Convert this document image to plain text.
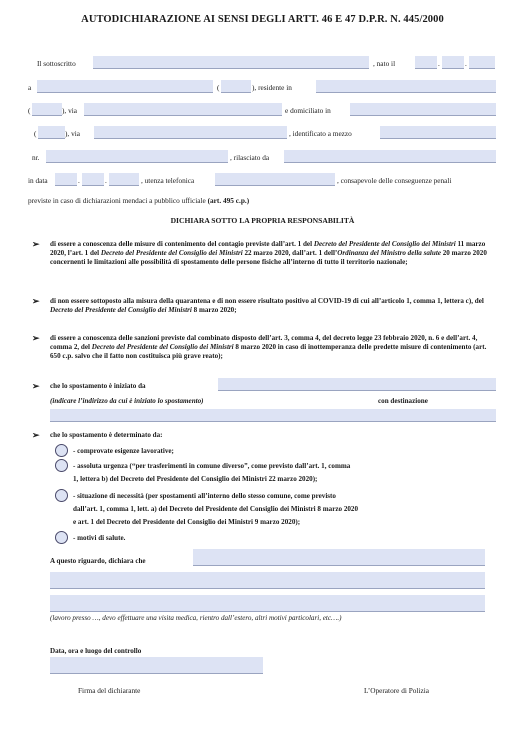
AUTODICHIARAZIONE AI SENSI DEGLI ARTT. 46 E 47 D.P.R. N. 445/2000
Il sottoscritto	, nato il	.	.
a	(	), residente in
(	), via	e domiciliato in
(	), via	, identificato a mezzo
nr.	, rilasciato da
in data	.	.	, utenza telefonica	, consapevole delle conseguenze penali
previste in caso di dichiarazioni mendaci a pubblico ufficiale (art. 495 c.p.)
DICHIARA SOTTO LA PROPRIA RESPONSABILITÀ
➢ di essere a conoscenza delle misure di contenimento del contagio previste dall’art. 1 del Decreto del Presidente del Consiglio dei Ministri 11 marzo 2020, l’art. 1 del Decreto del Presidente del Consiglio dei Ministri 22 marzo 2020, dall’art. 1 dell’Ordinanza del Ministro della salute 20 marzo 2020 concernenti le limitazioni alle possibilità di spostamento delle persone fisiche all’interno di tutto il territorio nazionale;
➢ di non essere sottoposto alla misura della quarantena e di non essere risultato positivo al COVID-19 di cui all’articolo 1, comma 1, lettera c), del Decreto del Presidente del Consiglio dei Ministri 8 marzo 2020;
➢ di essere a conoscenza delle sanzioni previste dal combinato disposto dell’art. 3, comma 4, del decreto legge 23 febbraio 2020, n. 6 e dell’art. 4, comma 2, del Decreto del Presidente del Consiglio dei Ministri 8 marzo 2020 in caso di inottemperanza delle predette misure di contenimento (art. 650 c.p. salvo che il fatto non costituisca più grave reato);
➢ che lo spostamento è iniziato da
(indicare l’indirizzo da cui è iniziato lo spostamento)	con destinazione
➢ che lo spostamento è determinato da:
- comprovate esigenze lavorative;
- assoluta urgenza (“per trasferimenti in comune diverso”, come previsto dall’art. 1, comma
1, lettera b) del Decreto del Presidente del Consiglio dei Ministri 22 marzo 2020);
- situazione di necessità (per spostamenti all’interno dello stesso comune, come previsto
dall’art. 1, comma 1, lett. a) del Decreto del Presidente del Consiglio dei Ministri 8 marzo 2020
e art. 1 del Decreto del Presidente del Consiglio dei Ministri 9 marzo 2020);
- motivi di salute.
A questo riguardo, dichiara che
(lavoro presso …, devo effettuare una visita medica, rientro dall’estero, altri motivi particolari, etc….)
Data, ora e luogo del controllo
Firma del dichiarante	L’Operatore di Polizia
